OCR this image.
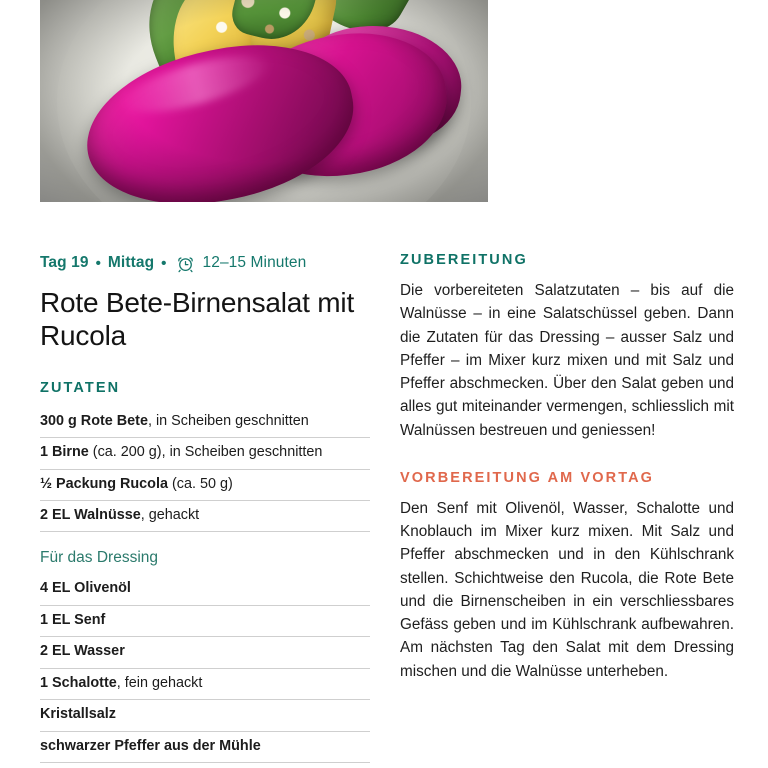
Tag 19 • Mittag • 12–15 Minuten
Rote Bete-Birnensalat mit Rucola
ZUTATEN
300 g Rote Bete, in Scheiben geschnitten
1 Birne (ca. 200 g), in Scheiben geschnitten
½ Packung Rucola (ca. 50 g)
2 EL Walnüsse, gehackt
Für das Dressing
4 EL Olivenöl
1 EL Senf
2 EL Wasser
1 Schalotte, fein gehackt
Kristallsalz
schwarzer Pfeffer aus der Mühle
ZUBEREITUNG

Die vorbereiteten Salatzutaten – bis auf die Walnüsse – in eine Salatschüssel geben. Dann die Zutaten für das Dressing – ausser Salz und Pfeffer – im Mixer kurz mixen und mit Salz und Pfeffer abschmecken. Über den Salat geben und alles gut miteinander vermengen, schliesslich mit Walnüssen bestreuen und geniessen!

VORBEREITUNG AM VORTAG

Den Senf mit Olivenöl, Wasser, Schalotte und Knoblauch im Mixer kurz mixen. Mit Salz und Pfeffer abschmecken und in den Kühlschrank stellen. Schichtweise den Rucola, die Rote Bete und die Birnenscheiben in ein verschliessbares Gefäss geben und im Kühlschrank aufbewahren. Am nächsten Tag den Salat mit dem Dressing mischen und die Walnüsse unterheben.
